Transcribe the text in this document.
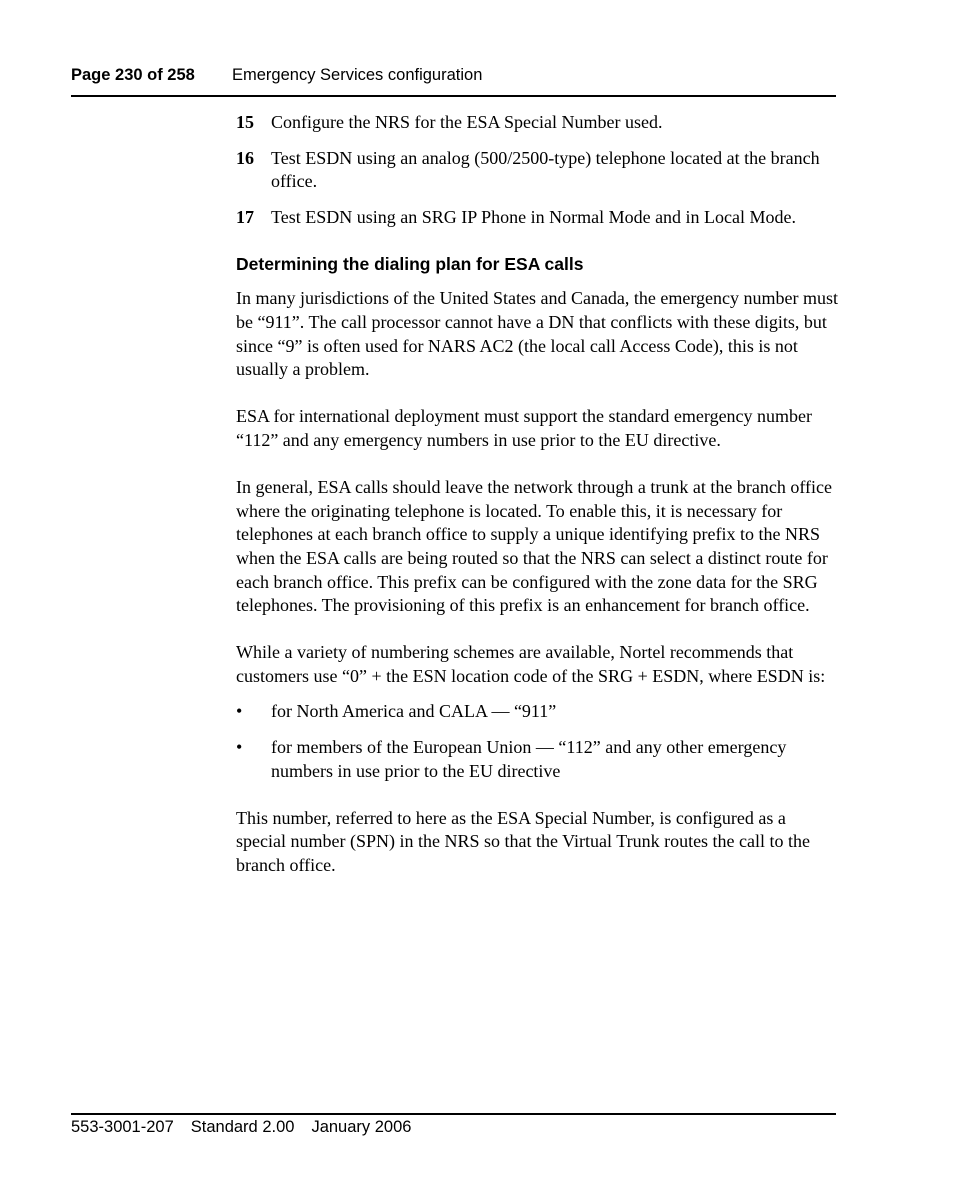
Page 230 of 258 Emergency Services configuration
15 Configure the NRS for the ESA Special Number used.
16 Test ESDN using an analog (500/2500-type) telephone located at the branch office.
17 Test ESDN using an SRG IP Phone in Normal Mode and in Local Mode.
Determining the dialing plan for ESA calls

In many jurisdictions of the United States and Canada, the emergency number must be “911”. The call processor cannot have a DN that conflicts with these digits, but since “9” is often used for NARS AC2 (the local call Access Code), this is not usually a problem.

ESA for international deployment must support the standard emergency number “112” and any emergency numbers in use prior to the EU directive.

In general, ESA calls should leave the network through a trunk at the branch office where the originating telephone is located. To enable this, it is necessary for telephones at each branch office to supply a unique identifying prefix to the NRS when the ESA calls are being routed so that the NRS can select a distinct route for each branch office. This prefix can be configured with the zone data for the SRG telephones. The provisioning of this prefix is an enhancement for branch office.

While a variety of numbering schemes are available, Nortel recommends that customers use “0” + the ESN location code of the SRG + ESDN, where ESDN is:

• for North America and CALA — “911”
• for members of the European Union — “112” and any other emergency numbers in use prior to the EU directive

This number, referred to here as the ESA Special Number, is configured as a special number (SPN) in the NRS so that the Virtual Trunk routes the call to the branch office.

553-3001-207 Standard 2.00 January 2006
